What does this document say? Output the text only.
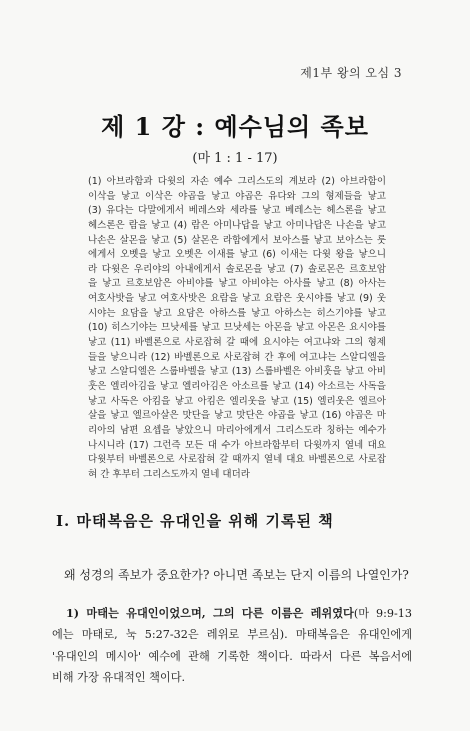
제1부 왕의 오심 3
제 1 강 : 예수님의 족보
(마 1 : 1 - 17)
(1) 아브라함과 다윗의 자손 예수 그리스도의 계보라 (2) 아브라함이
이삭을 낳고 이삭은 야곱을 낳고 야곱은 유다와 그의 형제들을 낳고
(3) 유다는 다말에게서 베레스와 세라를 낳고 베레스는 헤스론을 낳고
헤스론은 람을 낳고 (4) 람은 아미나답을 낳고 아미나답은 나손을 낳고
나손은 살몬을 낳고 (5) 살몬은 라합에게서 보아스를 낳고 보아스는 룻
에게서 오벳을 낳고 오벳은 이새를 낳고 (6) 이새는 다윗 왕을 낳으니
라 다윗은 우리야의 아내에게서 솔로몬을 낳고 (7) 솔로몬은 르호보암
을 낳고 르호보암은 아비야를 낳고 아비야는 아사를 낳고 (8) 아사는
여호사밧을 낳고 여호사밧은 요람을 낳고 요람은 웃시야를 낳고 (9) 웃
시야는 요담을 낳고 요담은 아하스를 낳고 아하스는 히스기야를 낳고
(10) 히스기야는 므낫세를 낳고 므낫세는 아몬을 낳고 아몬은 요시야를
낳고 (11) 바벨론으로 사로잡혀 갈 때에 요시야는 여고냐와 그의 형제
들을 낳으니라 (12) 바벨론으로 사로잡혀 간 후에 여고냐는 스알디엘을
낳고 스알디엘은 스룹바벨을 낳고 (13) 스룹바벨은 아비훗을 낳고 아비
훗은 엘리아김을 낳고 엘리아김은 아소르를 낳고 (14) 아소르는 사독을
낳고 사독은 아킴을 낳고 아킴은 엘리웃을 낳고 (15) 엘리웃은 엘르아
살을 낳고 엘르아살은 맛단을 낳고 맛단은 야곱을 낳고 (16) 야곱은 마
리아의 남편 요셉을 낳았으니 마리아에게서 그리스도라 칭하는 예수가
나시니라 (17) 그런즉 모든 대 수가 아브라함부터 다윗까지 열네 대요
다윗부터 바벨론으로 사로잡혀 갈 때까지 열네 대요 바벨론으로 사로잡
혀 간 후부터 그리스도까지 열네 대더라
I. 마태복음은 유대인을 위해 기록된 책
왜 성경의 족보가 중요한가? 아니면 족보는 단지 이름의 나열인가?
1) 마태는 유대인이었으며, 그의 다른 이름은 레위였다(마 9:9-13
에는 마태로, 눅 5:27-32은 레위로 부르심). 마태복음은 유대인에게
'유대인의 메시아' 예수에 관해 기록한 책이다. 따라서 다른 복음서에
비해 가장 유대적인 책이다.
